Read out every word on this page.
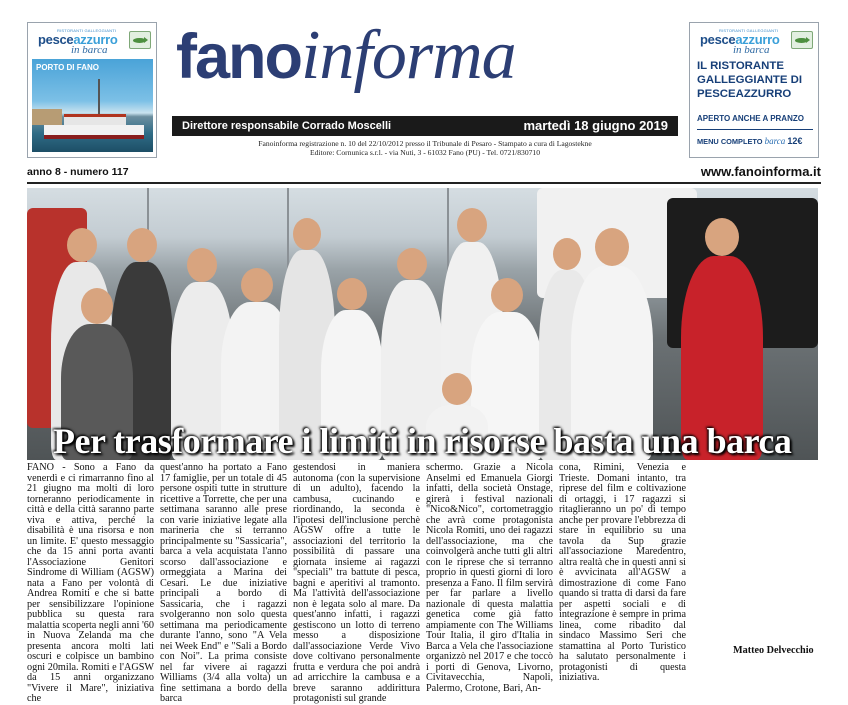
RISTORANTI GALLEGGIANTI
pesceazzurro
in barca
PORTO DI FANO
RISTORANTI GALLEGGIANTI
pesceazzurro
in barca
IL RISTORANTE GALLEGGIANTE DI PESCEAZZURRO
APERTO ANCHE A PRANZO
MENU COMPLETO barca 12€
fanoinforma
Direttore responsabile Corrado Moscelli	martedì 18 giugno 2019
Fanoinforma registrazione n. 10 del 22/10/2012 presso il Tribunale di Pesaro - Stampato a cura di Lagostekne
Editore: Cornunica s.r.l. - via Nuti, 3 - 61032 Fano (PU) - Tel. 0721/830710
anno 8 - numero 117	www.fanoinforma.it
Per trasformare i limiti in risorse basta una barca
FANO - Sono a Fano da venerdì e ci rimarranno fino al 21 giugno ma molti di loro torneranno periodicamente in città e della città saranno parte viva e attiva, perché la disabilità è una risorsa e non un limite. E' questo messaggio che da 15 anni porta avanti l'Associazione Genitori Sindrome di William (AGSW) nata a Fano per volontà di Andrea Romiti e che si batte per sensibilizzare l'opinione pubblica su questa rara malattia scoperta negli anni '60 in Nuova Zelanda ma che presenta ancora molti lati oscuri e colpisce un bambino ogni 20mila. Romiti e l'AGSW da 15 anni organizzano "Vivere il Mare", iniziativa che
quest'anno ha portato a Fano 17 famiglie, per un totale di 45 persone ospiti tutte in strutture ricettive a Torrette, che per una settimana saranno alle prese con varie iniziative legate alla marineria che si terranno principalmente su "Sassicaria", barca a vela acquistata l'anno scorso dall'associazione e ormeggiata a Marina dei Cesari. Le due iniziative principali a bordo di Sassicaria, che i ragazzi svolgeranno non solo questa settimana ma periodicamente durante l'anno, sono "A Vela nei Week End" e "Sali a Bordo con Noi". La prima consiste nel far vivere ai ragazzi Williams (3/4 alla volta) un fine settimana a bordo della barca
gestendosi in maniera autonoma (con la supervisione di un adulto), facendo la cambusa, cucinando e riordinando, la seconda è l'ipotesi dell'inclusione perchè AGSW offre a tutte le associazioni del territorio la possibilità di passare una giornata insieme ai ragazzi "speciali" tra battute di pesca, bagni e aperitivi al tramonto. Ma l'attività dell'associazione non è legata solo al mare. Da quest'anno infatti, i ragazzi gestiscono un lotto di terreno messo a disposizione dall'associazione Verde Vivo dove coltivano personalmente frutta e verdura che poi andrà ad arricchire la cambusa e a breve saranno addirittura protagonisti sul grande
schermo. Grazie a Nicola Anselmi ed Emanuela Giorgi infatti, della società Onstage, girerà i festival nazionali "Nico&Nico", cortometraggio che avrà come protagonista Nicola Romiti, uno dei ragazzi dell'associazione, ma che coinvolgerà anche tutti gli altri con le riprese che si terranno proprio in questi giorni di loro presenza a Fano. Il film servirà per far parlare a livello nazionale di questa malattia genetica come già fatto ampiamente con The Williams Tour Italia, il giro d'Italia in Barca a Vela che l'associazione organizzò nel 2017 e che toccò i porti di Genova, Livorno, Civitavecchia, Napoli, Palermo, Crotone, Bari, An-
cona, Rimini, Venezia e Trieste. Domani intanto, tra riprese del film e coltivazione di ortaggi, i 17 ragazzi si ritaglieranno un po' di tempo anche per provare l'ebbrezza di stare in equilibrio su una tavola da Sup grazie all'associazione Maredentro, altra realtà che in questi anni si è avvicinata all'AGSW a dimostrazione di come Fano quando si tratta di darsi da fare per aspetti sociali e di integrazione è sempre in prima linea, come ribadito dal sindaco Massimo Seri che stamattina al Porto Turistico ha salutato personalmente i protagonisti di questa iniziativa.
Matteo Delvecchio
